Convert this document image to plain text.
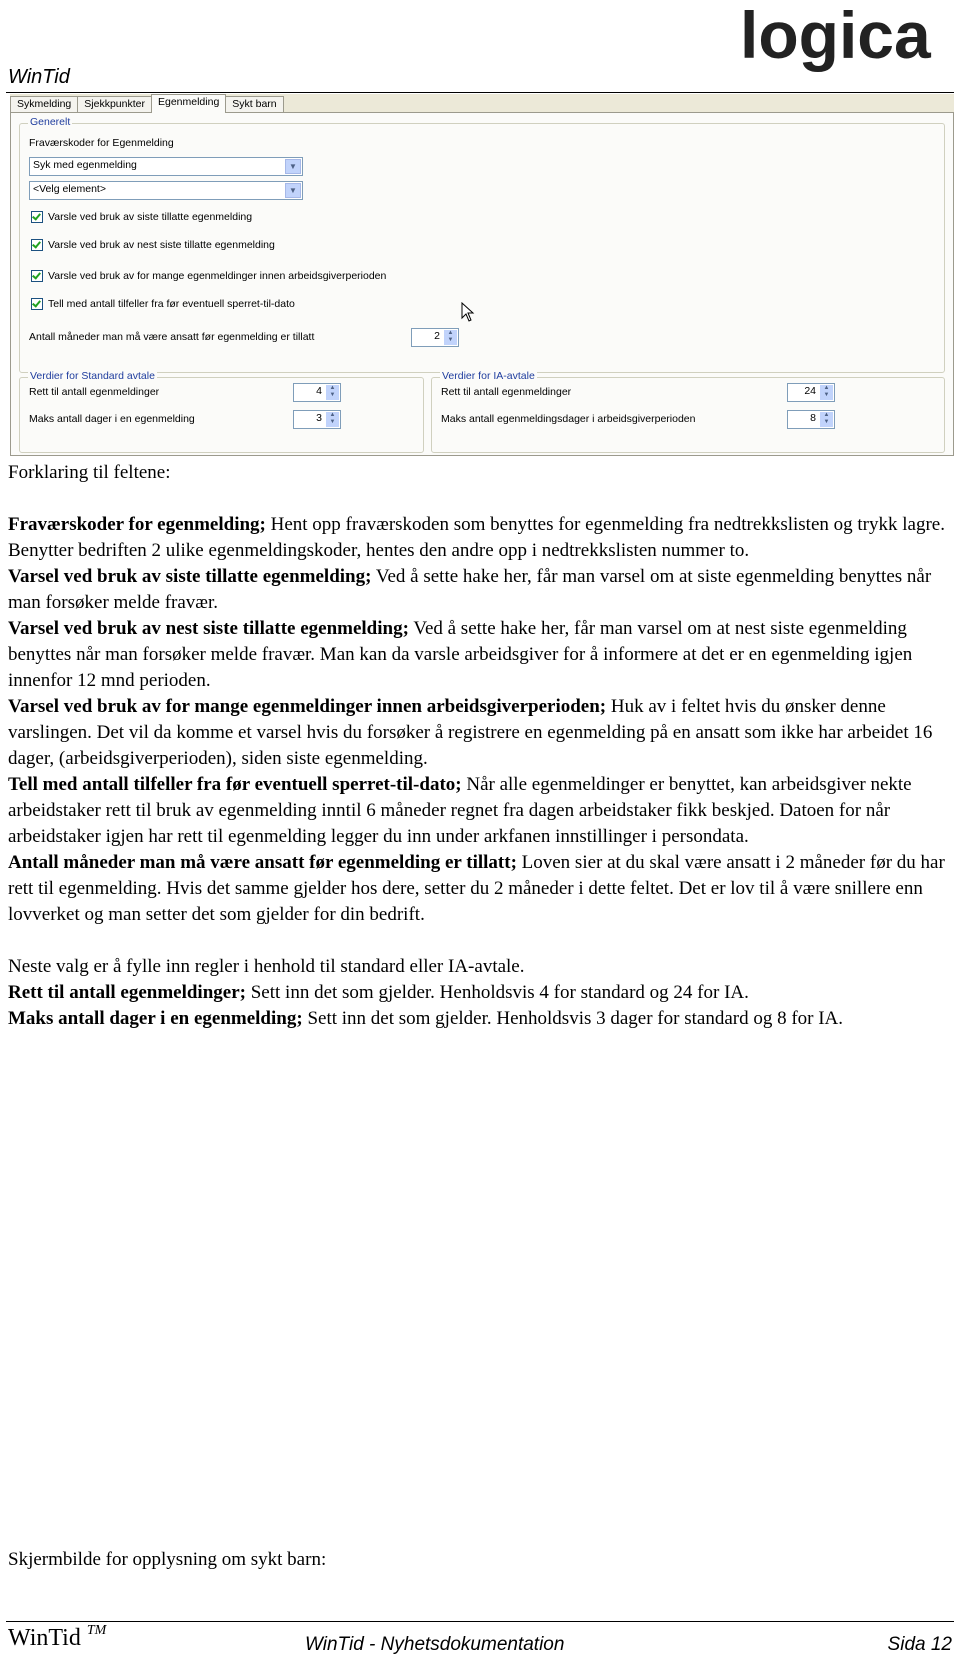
WinTid
logica
Sykmelding	Sjekkpunkter	Egenmelding	Sykt barn
Generelt
Fraværskoder for Egenmelding
Syk med egenmelding	▼
<Velg element>	▼
Varsle ved bruk av siste tillatte egenmelding
Varsle ved bruk av nest siste tillatte egenmelding
Varsle ved bruk av for mange egenmeldinger innen arbeidsgiverperioden
Tell med antall tilfeller fra før eventuell sperret-til-dato
Antall måneder man må være ansatt før egenmelding er tillatt	2	▲
▼
Verdier for Standard avtale
Rett til antall egenmeldinger	4	▲
▼
Maks antall dager i en egenmelding	3	▲
▼
Verdier for IA-avtale
Rett til antall egenmeldinger	24	▲
▼
Maks antall egenmeldingsdager i arbeidsgiverperioden	8	▲
▼

Forklaring til feltene:

Fraværskoder for egenmelding; Hent opp fraværskoden som benyttes for egenmelding fra nedtrekkslisten og trykk lagre. Benytter bedriften 2 ulike egenmeldingskoder, hentes den andre opp i nedtrekkslisten nummer to.

Varsel ved bruk av siste tillatte egenmelding; Ved å sette hake her, får man varsel om at siste egenmelding benyttes når man forsøker melde fravær.

Varsel ved bruk av nest siste tillatte egenmelding; Ved å sette hake her, får man varsel om at nest siste egenmelding benyttes når man forsøker melde fravær. Man kan da varsle arbeidsgiver for å informere at det er en egenmelding igjen innenfor 12 mnd perioden.

Varsel ved bruk av for mange egenmeldinger innen arbeidsgiverperioden; Huk av i feltet hvis du ønsker denne varslingen. Det vil da komme et varsel hvis du forsøker å registrere en egenmelding på en ansatt som ikke har arbeidet 16 dager, (arbeidsgiverperioden), siden siste egenmelding.

Tell med antall tilfeller fra før eventuell sperret-til-dato; Når alle egenmeldinger er benyttet, kan arbeidsgiver nekte arbeidstaker rett til bruk av egenmelding inntil 6 måneder regnet fra dagen arbeidstaker fikk beskjed. Datoen for når arbeidstaker igjen har rett til egenmelding legger du inn under arkfanen innstillinger i persondata.

Antall måneder man må være ansatt før egenmelding er tillatt; Loven sier at du skal være ansatt i 2 måneder før du har rett til egenmelding. Hvis det samme gjelder hos dere, setter du 2 måneder i dette feltet. Det er lov til å være snillere enn lovverket og man setter det som gjelder for din bedrift.

Neste valg er å fylle inn regler i henhold til standard eller IA-avtale.

Rett til antall egenmeldinger; Sett inn det som gjelder. Henholdsvis 4 for standard og 24 for IA.

Maks antall dager i en egenmelding; Sett inn det som gjelder. Henholdsvis 3 dager for standard og 8 for IA.

Skjermbilde for opplysning om sykt barn:
WinTid ™
WinTid - Nyhetsdokumentation	Sida 12
